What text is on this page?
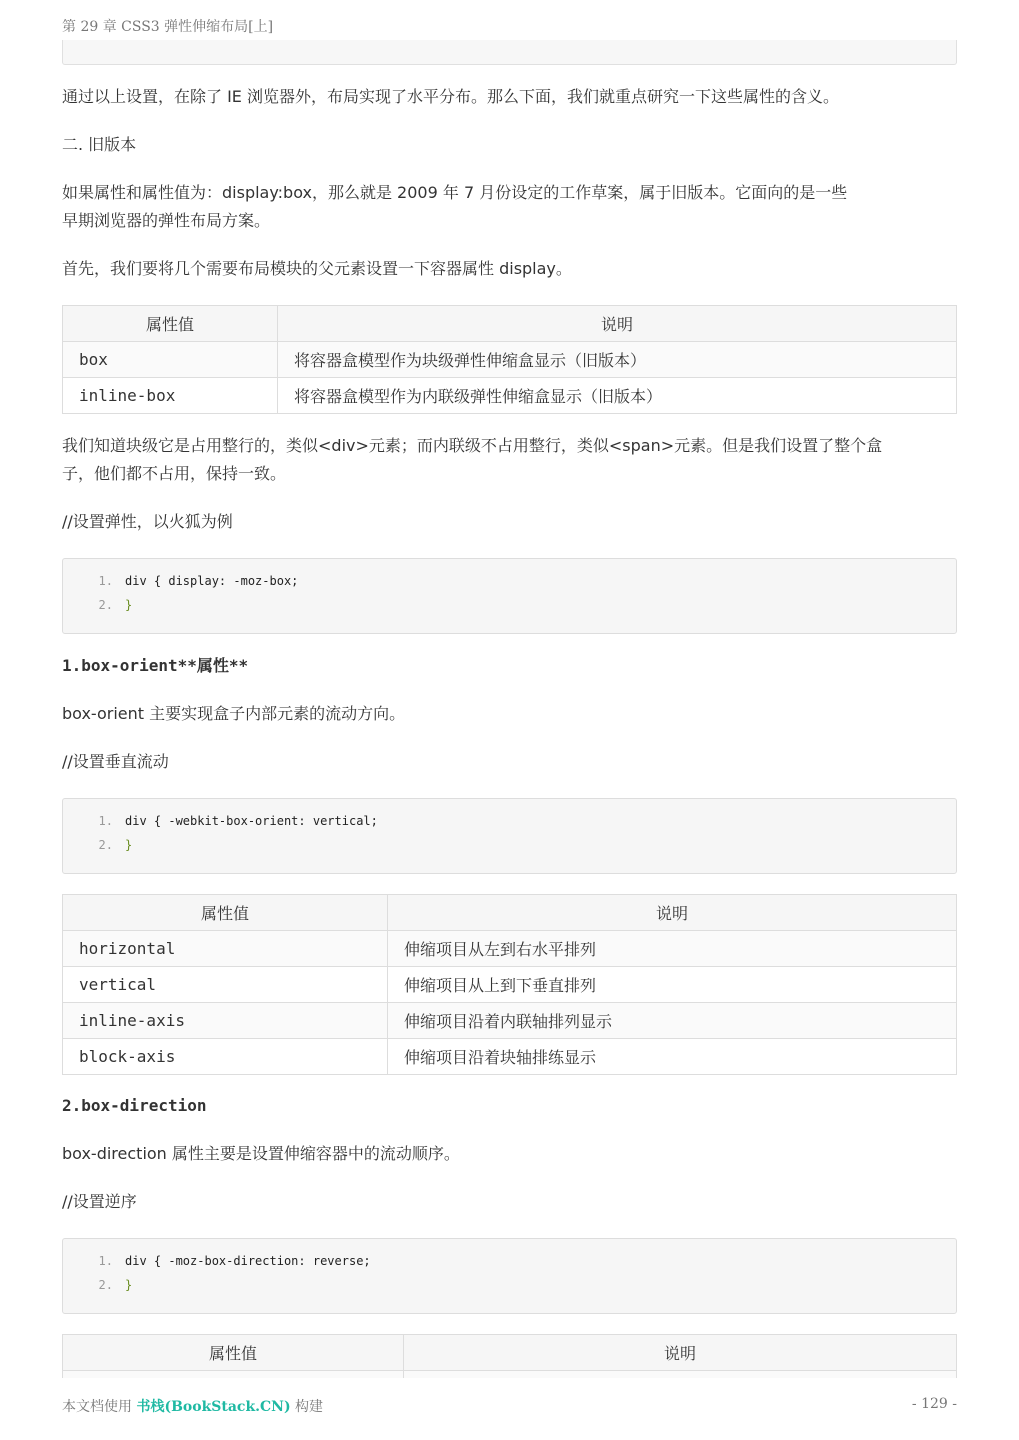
第 29 章 CSS3 弹性伸缩布局[上]
通过以上设置，在除了 IE 浏览器外，布局实现了水平分布。那么下面，我们就重点研究一下这些属性的含义。
二. 旧版本
如果属性和属性值为：display:box，那么就是 2009 年 7 月份设定的工作草案，属于旧版本。它面向的是一些
早期浏览器的弹性布局方案。
首先，我们要将几个需要布局模块的父元素设置一下容器属性 display。
属性值	说明
box	将容器盒模型作为块级弹性伸缩盒显示（旧版本）
inline-box	将容器盒模型作为内联级弹性伸缩盒显示（旧版本）
我们知道块级它是占用整行的，类似<div>元素；而内联级不占用整行，类似<span>元素。但是我们设置了整个盒
子，他们都不占用，保持一致。
//设置弹性，以火狐为例
1. div { display: -moz-box;
2. }
1.box-orient**属性**
box-orient 主要实现盒子内部元素的流动方向。
//设置垂直流动
1. div { -webkit-box-orient: vertical;
2. }
属性值	说明
horizontal	伸缩项目从左到右水平排列
vertical	伸缩项目从上到下垂直排列
inline-axis	伸缩项目沿着内联轴排列显示
block-axis	伸缩项目沿着块轴排练显示
2.box-direction
box-direction 属性主要是设置伸缩容器中的流动顺序。
//设置逆序
1. div { -moz-box-direction: reverse;
2. }
属性值	说明

本文档使用 书栈(BookStack.CN) 构建	- 129 -
